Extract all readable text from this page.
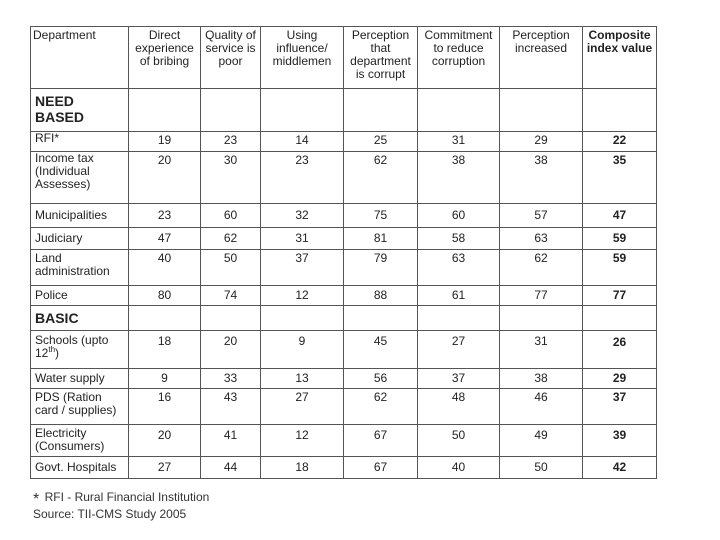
Department	Direct experience of bribing	Quality of service is poor	Using influence/ middlemen	Perception that department is corrupt	Commitment to reduce corruption	Perception increased	Composite index value
NEED BASED							
RFI*	19	23	14	25	31	29	22
Income tax (Individual Assesses)	20	30	23	62	38	38	35
Municipalities	23	60	32	75	60	57	47
Judiciary	47	62	31	81	58	63	59
Land administration	40	50	37	79	63	62	59
Police	80	74	12	88	61	77	77
BASIC							
Schools (upto 12th)	18	20	9	45	27	31	26
Water supply	9	33	13	56	37	38	29
PDS (Ration card / supplies)	16	43	27	62	48	46	37
Electricity (Consumers)	20	41	12	67	50	49	39
Govt. Hospitals	27	44	18	67	40	50	42
* RFI - Rural Financial Institution
Source: TII-CMS Study 2005
